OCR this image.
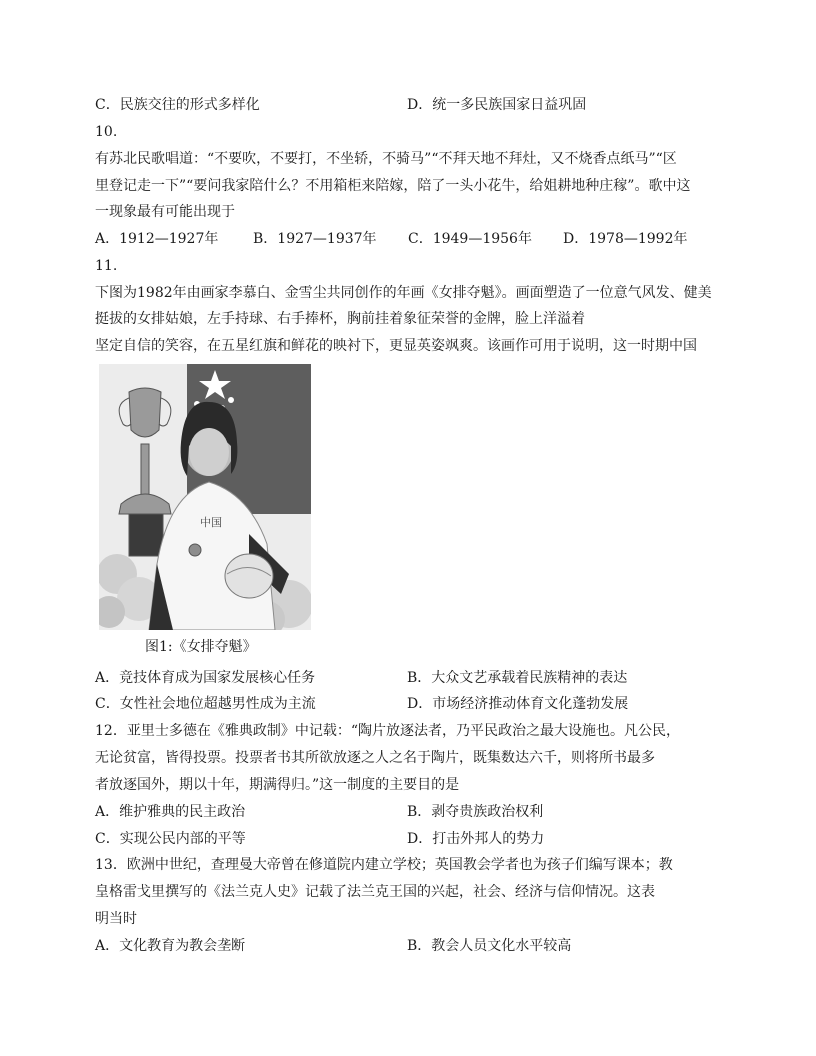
C．民族交往的形式多样化	D．统一多民族国家日益巩固
10.
有苏北民歌唱道：“不要吹，不要打，不坐轿，不骑马”“不拜天地不拜灶，又不烧香点纸马”“区
里登记走一下”“要问我家陪什么？不用箱柜来陪嫁，陪了一头小花牛，给姐耕地种庄稼”。歌中这
一现象最有可能出现于
A．1912—1927年 B．1927—1937年 C．1949—1956年 D．1978—1992年
11.
下图为1982年由画家李慕白、金雪尘共同创作的年画《女排夺魁》。画面塑造了一位意气风发、健美
挺拔的女排姑娘，左手持球、右手捧杯，胸前挂着象征荣誉的金牌，脸上洋溢着
坚定自信的笑容，在五星红旗和鲜花的映衬下，更显英姿飒爽。该画作可用于说明，这一时期中国
中国
图1:《女排夺魁》
A．竞技体育成为国家发展核心任务	B．大众文艺承载着民族精神的表达
C．女性社会地位超越男性成为主流	D．市场经济推动体育文化蓬勃发展
12．亚里士多德在《雅典政制》中记载：“陶片放逐法者，乃平民政治之最大设施也。凡公民，
无论贫富，皆得投票。投票者书其所欲放逐之人之名于陶片，既集数达六千，则将所书最多
者放逐国外，期以十年，期满得归。”这一制度的主要目的是
A．维护雅典的民主政治	B．剥夺贵族政治权利
C．实现公民内部的平等	D．打击外邦人的势力
13．欧洲中世纪，查理曼大帝曾在修道院内建立学校；英国教会学者也为孩子们编写课本；教
皇格雷戈里撰写的《法兰克人史》记载了法兰克王国的兴起，社会、经济与信仰情况。这表
明当时
A．文化教育为教会垄断	B．教会人员文化水平较高
